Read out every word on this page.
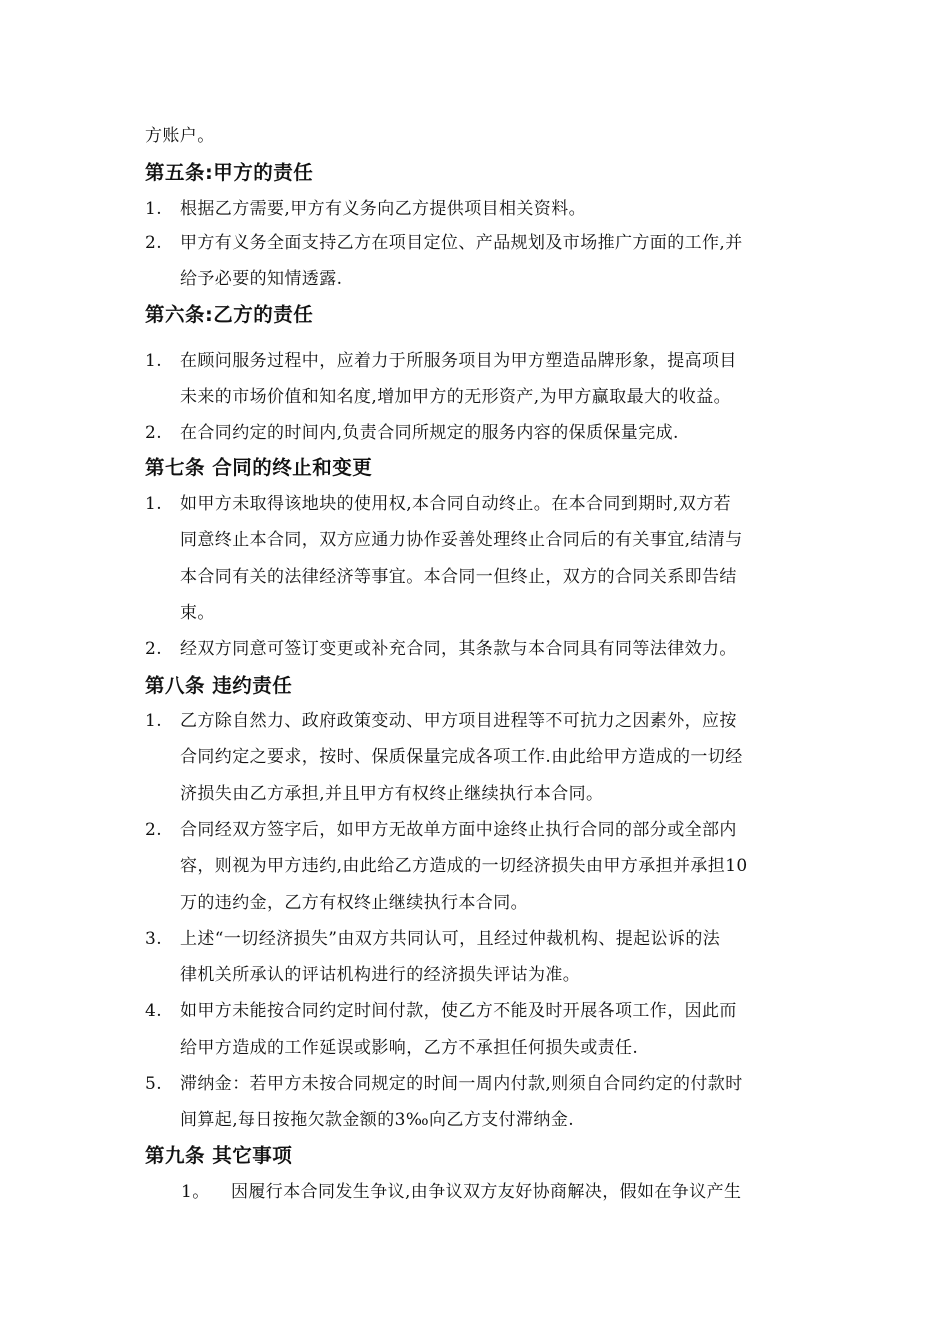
方账户。

第五条:甲方的责任

1. 根据乙方需要,甲方有义务向乙方提供项目相关资料。
2. 甲方有义务全面支持乙方在项目定位、产品规划及市场推广方面的工作,并

给予必要的知情透露.

第六条:乙方的责任

1. 在顾问服务过程中，应着力于所服务项目为甲方塑造品牌形象，提高项目

未来的市场价值和知名度,增加甲方的无形资产,为甲方赢取最大的收益。

2. 在合同约定的时间内,负责合同所规定的服务内容的保质保量完成.

第七条 合同的终止和变更

1. 如甲方未取得该地块的使用权,本合同自动终止。在本合同到期时,双方若

同意终止本合同，双方应通力协作妥善处理终止合同后的有关事宜,结清与

本合同有关的法律经济等事宜。本合同一但终止，双方的合同关系即告结

束。

2. 经双方同意可签订变更或补充合同，其条款与本合同具有同等法律效力。

第八条 违约责任

1. 乙方除自然力、政府政策变动、甲方项目进程等不可抗力之因素外，应按

合同约定之要求，按时、保质保量完成各项工作.由此给甲方造成的一切经

济损失由乙方承担,并且甲方有权终止继续执行本合同。

2. 合同经双方签字后，如甲方无故单方面中途终止执行合同的部分或全部内

容，则视为甲方违约,由此给乙方造成的一切经济损失由甲方承担并承担10

万的违约金，乙方有权终止继续执行本合同。

3. 上述“一切经济损失”由双方共同认可，且经过仲裁机构、提起讼诉的法

律机关所承认的评诂机构进行的经济损失评诂为准。

4. 如甲方未能按合同约定时间付款，使乙方不能及时开展各项工作，因此而

给甲方造成的工作延误或影响，乙方不承担任何损失或责任.

5. 滞纳金：若甲方未按合同规定的时间一周内付款,则须自合同约定的付款时

间算起,每日按拖欠款金额的3‰向乙方支付滞纳金.

第九条 其它事项

1。 因履行本合同发生争议,由争议双方友好协商解决，假如在争议产生
